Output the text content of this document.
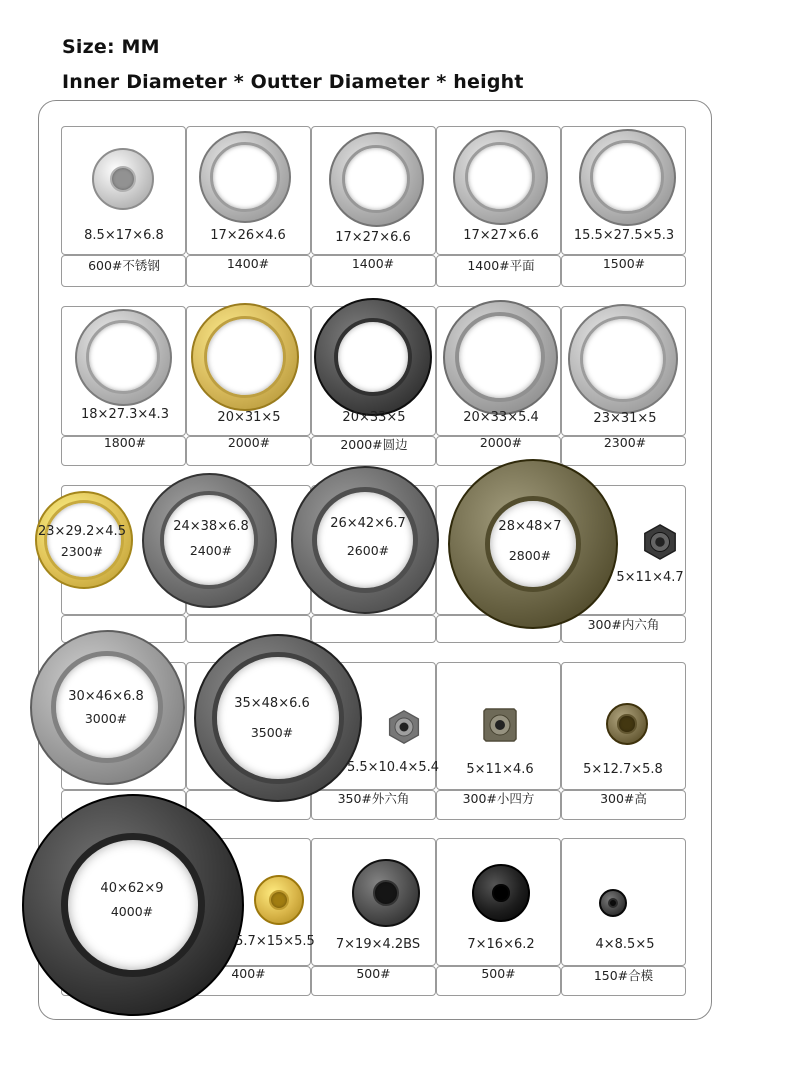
Size: MM
Inner Diameter * Outter Diameter * height
8.5×17×6.8
600#不锈钢
17×26×4.6
1400#
17×27×6.6
1400#
17×27×6.6
1400#平面
15.5×27.5×5.3
1500#
18×27.3×4.3
1800#
20×31×5
2000#
20×33×5
2000#圆边
20×33×5.4
2000#
23×31×5
2300#
23×29.2×4.5
2300#
24×38×6.8
2400#
26×42×6.7
2600#
28×48×7
2800#
5×11×4.7
300#内六角
30×46×6.8
3000#
35×48×6.6
3500#
5.5×10.4×5.4
350#外六角
5×11×4.6
300#小四方
5×12.7×5.8
300#高
40×62×9
4000#
5.7×15×5.5
400#
7×19×4.2BS
500#
7×16×6.2
500#
4×8.5×5
150#合模
